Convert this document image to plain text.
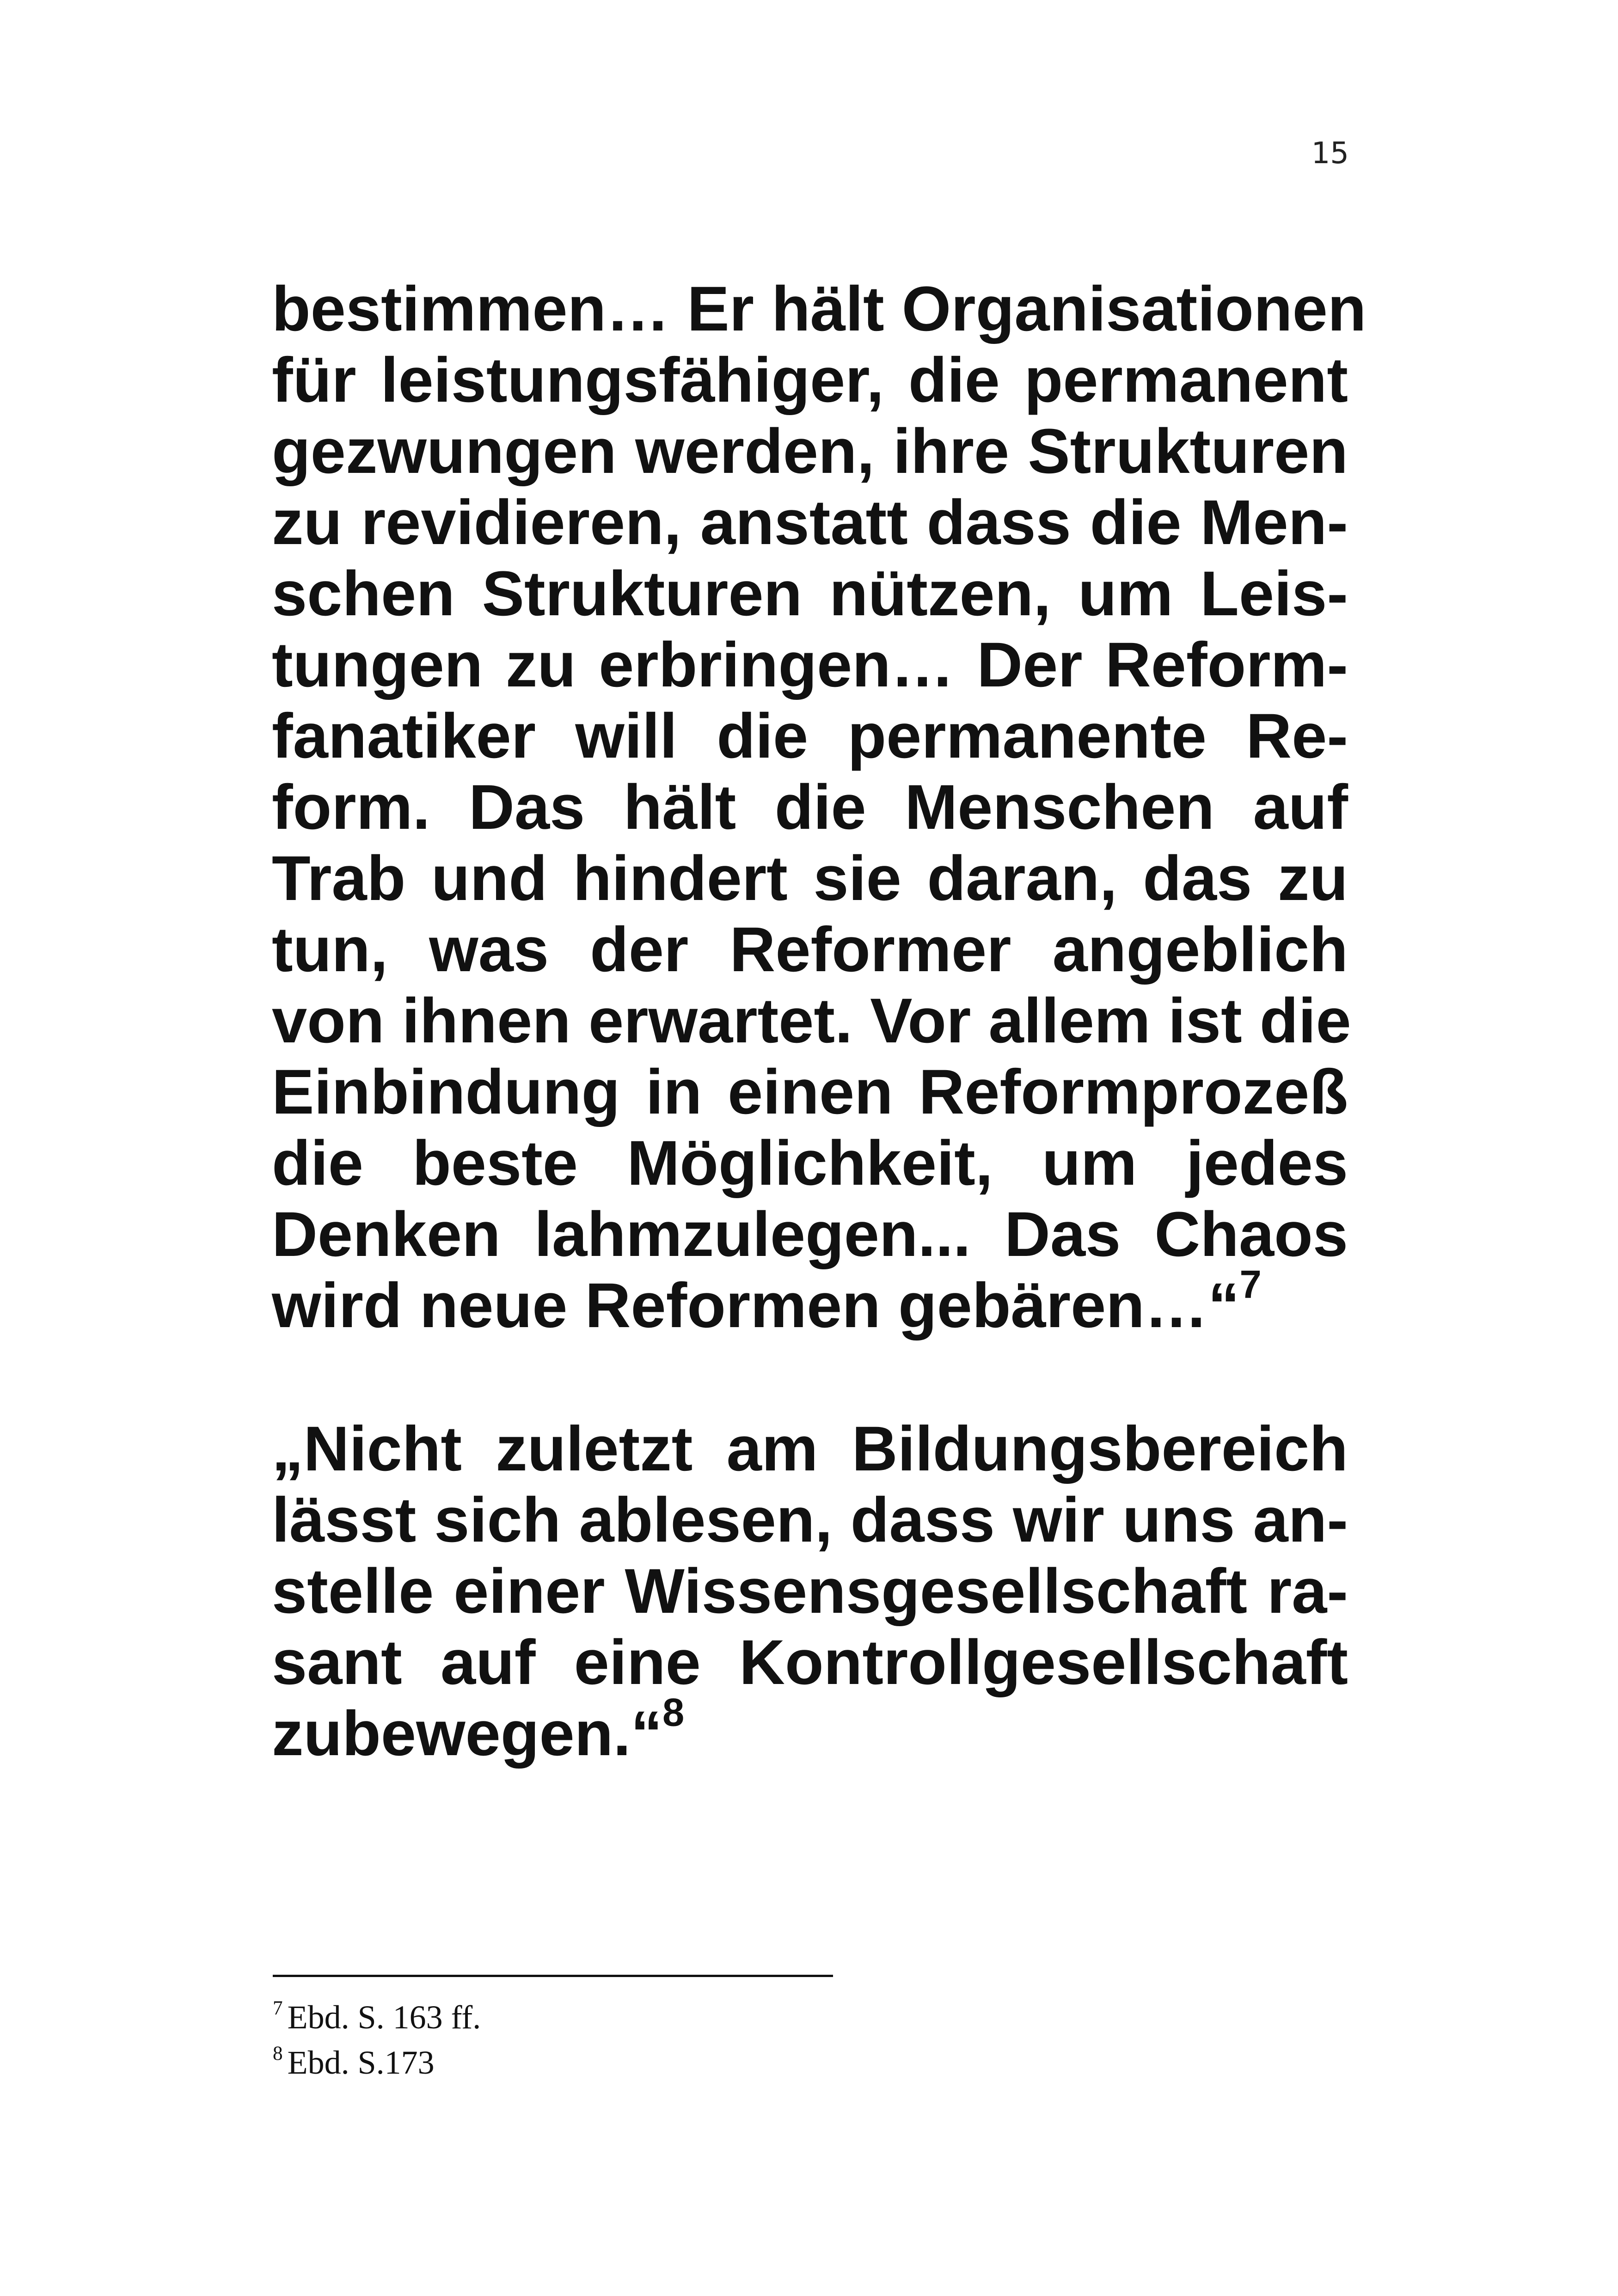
15
bestimmen… Er hält Organisationen
für leistungsfähiger, die permanent
gezwungen werden, ihre Strukturen
zu revidieren, anstatt dass die Men-
schen Strukturen nützen, um Leis-
tungen zu erbringen… Der Reform-
fanatiker will die permanente Re-
form. Das hält die Menschen auf
Trab und hindert sie daran, das zu
tun, was der Reformer angeblich
von ihnen erwartet. Vor allem ist die
Einbindung in einen Reformprozeß
die beste Möglichkeit, um jedes
Denken lahmzulegen... Das Chaos
wird neue Reformen gebären…“$^7$
„Nicht zuletzt am Bildungsbereich
lässt sich ablesen, dass wir uns an-
stelle einer Wissensgesellschaft ra-
sant auf eine Kontrollgesellschaft
zubewegen.“$^8$
$^7$ Ebd. S. 163 ff.
$^8$ Ebd. S.173
